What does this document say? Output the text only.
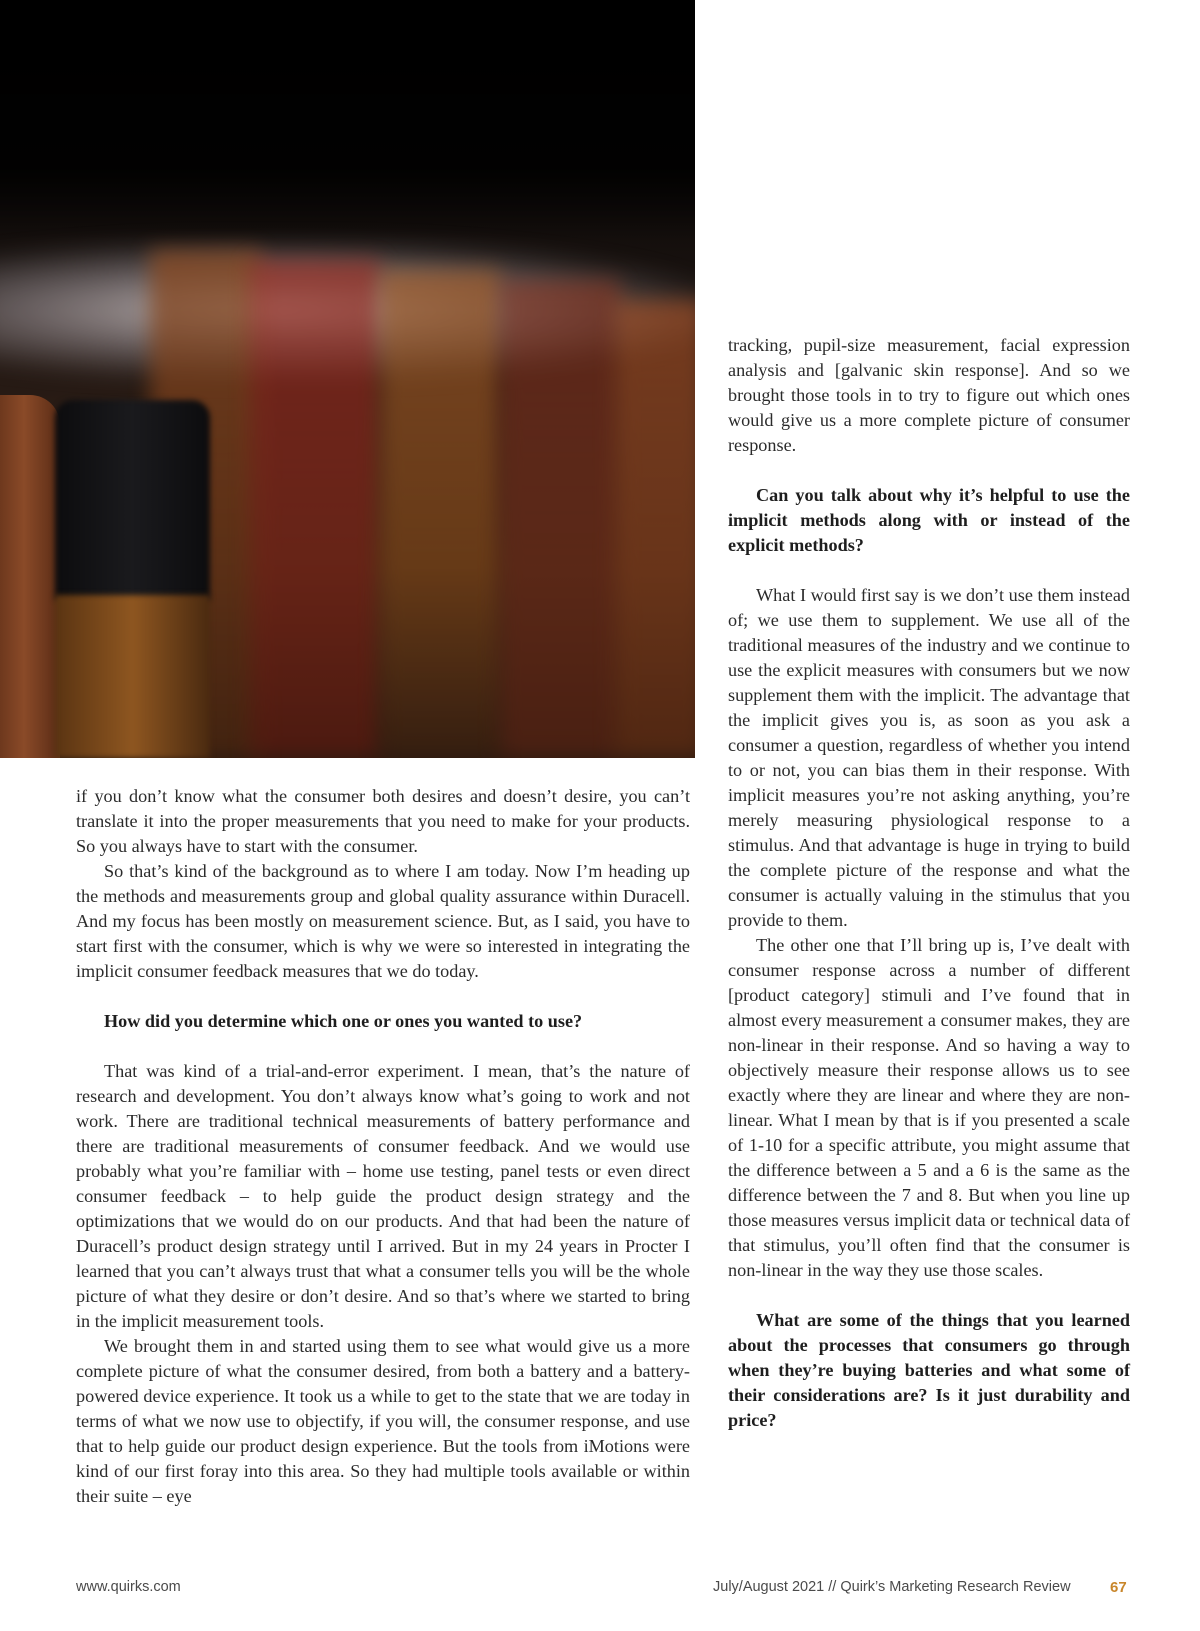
if you don’t know what the consumer both desires and doesn’t desire, you can’t translate it into the proper measurements that you need to make for your products. So you always have to start with the consumer.

So that’s kind of the background as to where I am today. Now I’m heading up the methods and measurements group and global quality assurance within Duracell. And my focus has been mostly on measurement science. But, as I said, you have to start first with the consumer, which is why we were so interested in integrating the implicit consumer feedback measures that we do today.

How did you determine which one or ones you wanted to use?

That was kind of a trial-and-error experiment. I mean, that’s the nature of research and development. You don’t always know what’s going to work and not work. There are traditional technical measurements of battery performance and there are traditional measurements of consumer feedback. And we would use probably what you’re familiar with – home use testing, panel tests or even direct consumer feedback – to help guide the product design strategy and the optimizations that we would do on our products. And that had been the nature of Duracell’s product design strategy until I arrived. But in my 24 years in Procter I learned that you can’t always trust that what a consumer tells you will be the whole picture of what they desire or don’t desire. And so that’s where we started to bring in the implicit measurement tools.

We brought them in and started using them to see what would give us a more complete picture of what the consumer desired, from both a battery and a battery-powered device experience. It took us a while to get to the state that we are today in terms of what we now use to objectify, if you will, the consumer response, and use that to help guide our product design experience. But the tools from iMotions were kind of our first foray into this area. So they had multiple tools available or within their suite – eye

tracking, pupil-size measurement, facial expression analysis and [galvanic skin response]. And so we brought those tools in to try to figure out which ones would give us a more complete picture of consumer response.

Can you talk about why it’s helpful to use the implicit methods along with or instead of the explicit methods?

What I would first say is we don’t use them instead of; we use them to supplement. We use all of the traditional measures of the industry and we continue to use the explicit measures with consumers but we now supplement them with the implicit. The advantage that the implicit gives you is, as soon as you ask a consumer a question, regardless of whether you intend to or not, you can bias them in their response. With implicit measures you’re not asking anything, you’re merely measuring physiological response to a stimulus. And that advantage is huge in trying to build the complete picture of the response and what the consumer is actually valuing in the stimulus that you provide to them.

The other one that I’ll bring up is, I’ve dealt with consumer response across a number of different [product category] stimuli and I’ve found that in almost every measurement a consumer makes, they are non-linear in their response. And so having a way to objectively measure their response allows us to see exactly where they are linear and where they are non-linear. What I mean by that is if you presented a scale of 1-10 for a specific attribute, you might assume that the difference between a 5 and a 6 is the same as the difference between the 7 and 8. But when you line up those measures versus implicit data or technical data of that stimulus, you’ll often find that the consumer is non-linear in the way they use those scales.

What are some of the things that you learned about the processes that consumers go through when they’re buying batteries and what some of their considerations are? Is it just durability and price?

www.quirks.com	July/August 2021 // Quirk’s Marketing Research Review	67
